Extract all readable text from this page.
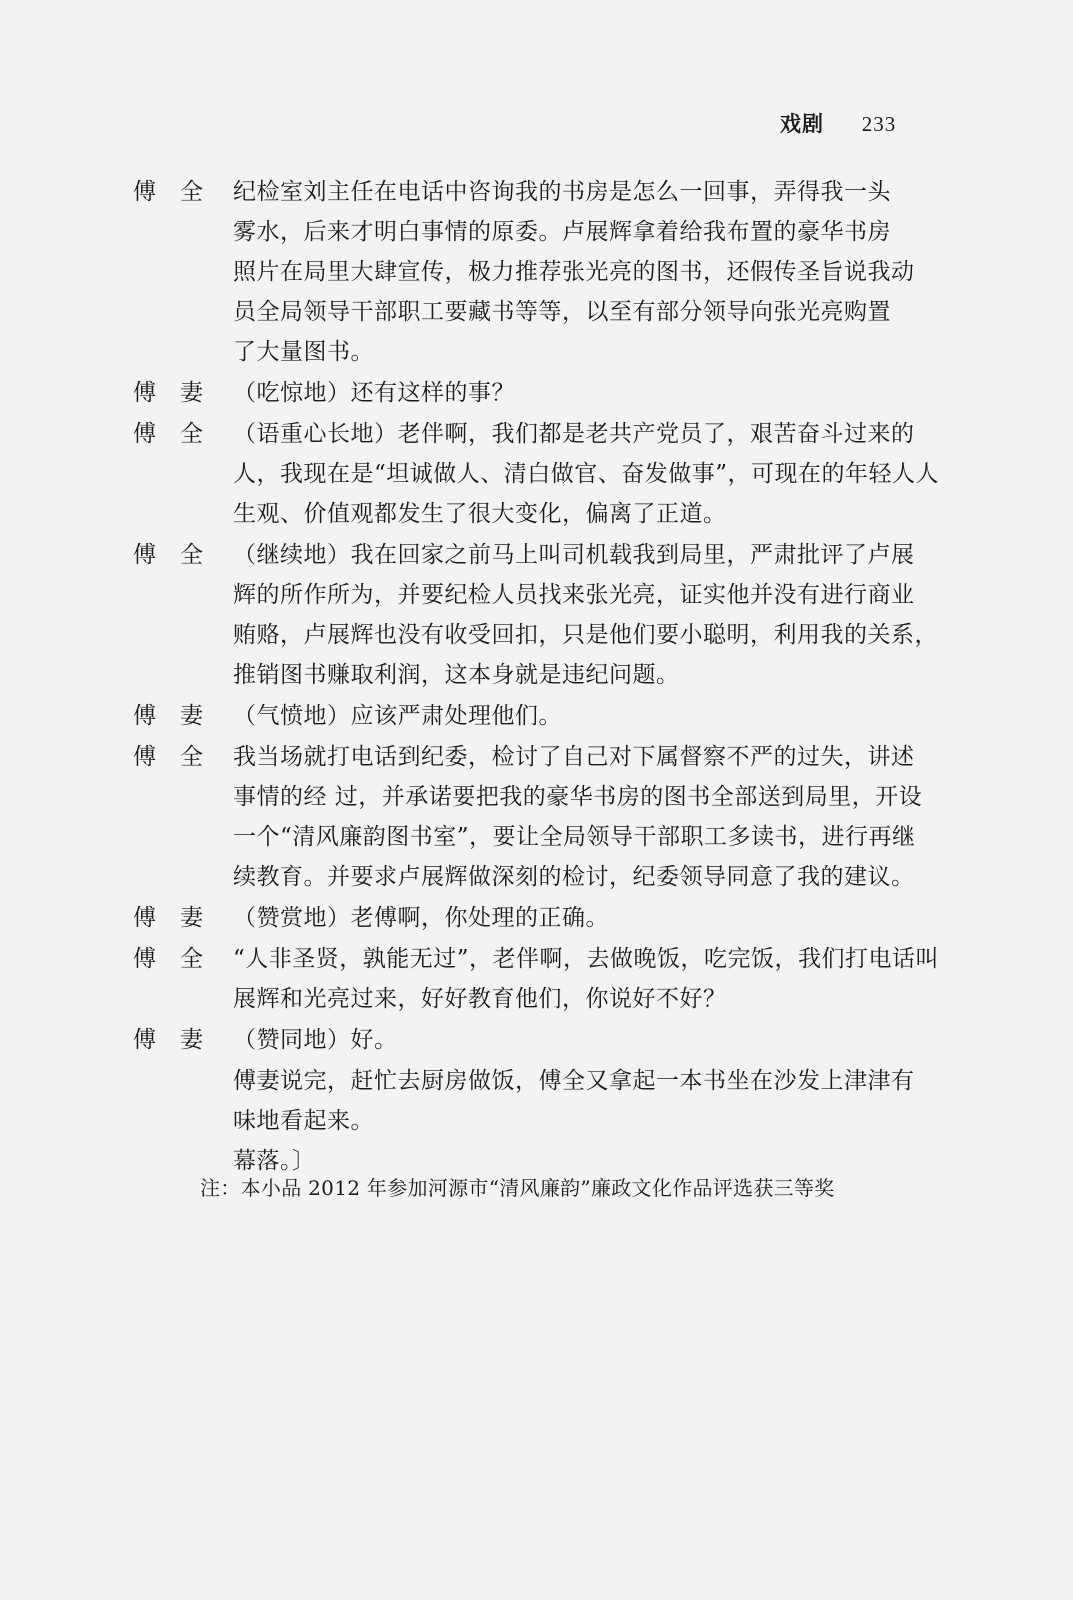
戏剧 233
傅全 纪检室刘主任在电话中咨询我的书房是怎么一回事，弄得我一头
雾水，后来才明白事情的原委。卢展辉拿着给我布置的豪华书房
照片在局里大肆宣传，极力推荐张光亮的图书，还假传圣旨说我动
员全局领导干部职工要藏书等等，以至有部分领导向张光亮购置
了大量图书。
傅妻 （吃惊地）还有这样的事？
傅全 （语重心长地）老伴啊，我们都是老共产党员了，艰苦奋斗过来的
人，我现在是“坦诚做人、清白做官、奋发做事”，可现在的年轻人人
生观、价值观都发生了很大变化，偏离了正道。
傅全 （继续地）我在回家之前马上叫司机载我到局里，严肃批评了卢展
辉的所作所为，并要纪检人员找来张光亮，证实他并没有进行商业
贿赂，卢展辉也没有收受回扣，只是他们要小聪明，利用我的关系，
推销图书赚取利润，这本身就是违纪问题。
傅妻 （气愤地）应该严肃处理他们。
傅全 我当场就打电话到纪委，检讨了自己对下属督察不严的过失，讲述
事情的经 过，并承诺要把我的豪华书房的图书全部送到局里，开设
一个“清风廉韵图书室”，要让全局领导干部职工多读书，进行再继
续教育。并要求卢展辉做深刻的检讨，纪委领导同意了我的建议。
傅妻 （赞赏地）老傅啊，你处理的正确。
傅全 “人非圣贤，孰能无过”，老伴啊，去做晚饭，吃完饭，我们打电话叫
展辉和光亮过来，好好教育他们，你说好不好？
傅妻 （赞同地）好。
傅妻说完，赶忙去厨房做饭，傅全又拿起一本书坐在沙发上津津有
味地看起来。
幕落。〕
注：本小品 2012 年参加河源市“清风廉韵”廉政文化作品评选获三等奖
